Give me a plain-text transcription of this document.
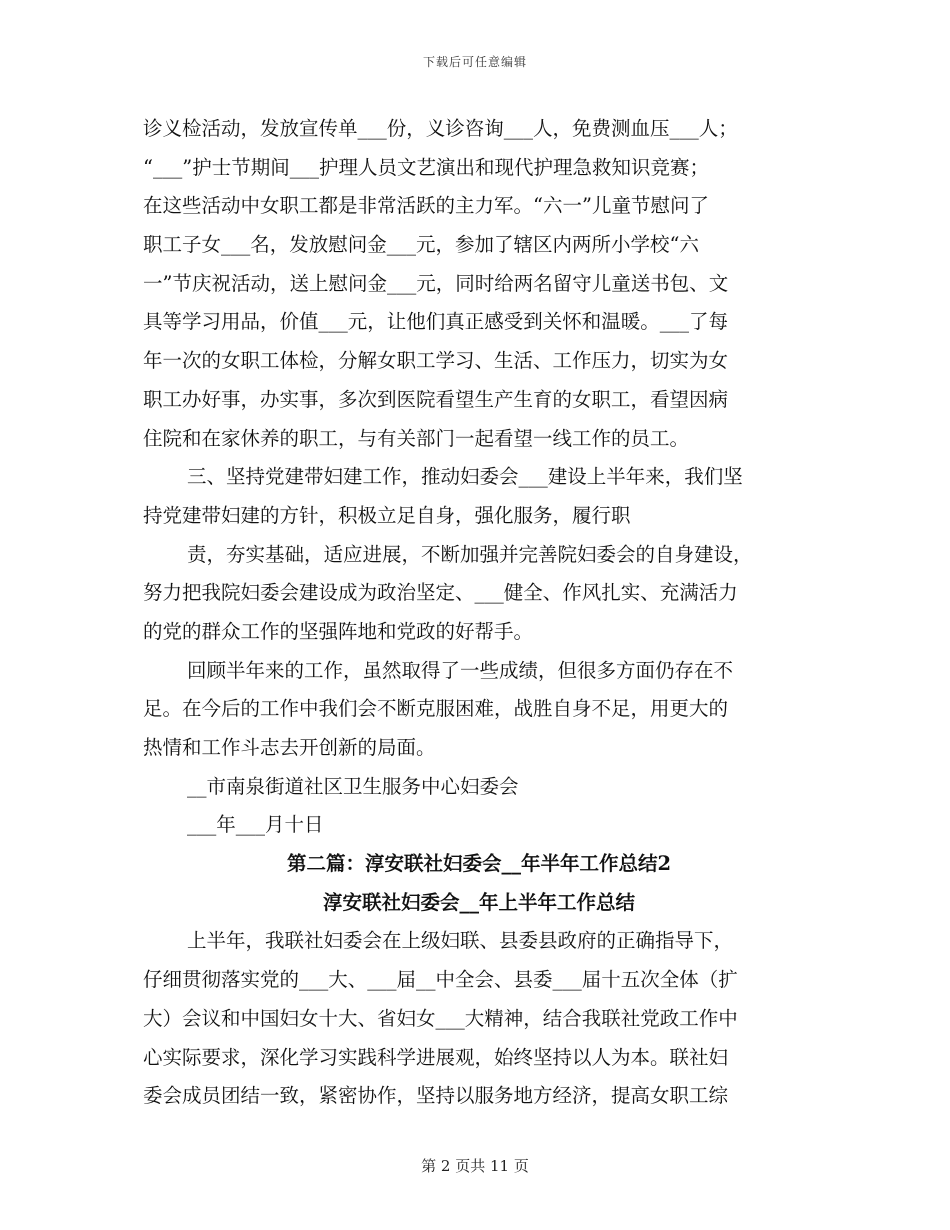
下载后可任意编辑
诊义检活动，发放宣传单___份，义诊咨询___人，免费测血压___人；
“___”护士节期间___护理人员文艺演出和现代护理急救知识竞赛；
在这些活动中女职工都是非常活跃的主力军。“六一”儿童节慰问了
职工子女___名，发放慰问金___元，参加了辖区内两所小学校“六
一”节庆祝活动，送上慰问金___元，同时给两名留守儿童送书包、文
具等学习用品，价值___元，让他们真正感受到关怀和温暖。___了每
年一次的女职工体检，分解女职工学习、生活、工作压力，切实为女
职工办好事，办实事，多次到医院看望生产生育的女职工，看望因病
住院和在家休养的职工，与有关部门一起看望一线工作的员工。
三、坚持党建带妇建工作，推动妇委会___建设上半年来，我们坚
持党建带妇建的方针，积极立足自身，强化服务，履行职
责，夯实基础，适应进展，不断加强并完善院妇委会的自身建设，
努力把我院妇委会建设成为政治坚定、___健全、作风扎实、充满活力
的党的群众工作的坚强阵地和党政的好帮手。
回顾半年来的工作，虽然取得了一些成绩，但很多方面仍存在不
足。在今后的工作中我们会不断克服困难，战胜自身不足，用更大的
热情和工作斗志去开创新的局面。
__市南泉街道社区卫生服务中心妇委会
___年___月十日
第二篇：淳安联社妇委会__年半年工作总结2
淳安联社妇委会__年上半年工作总结
上半年，我联社妇委会在上级妇联、县委县政府的正确指导下，
仔细贯彻落实党的___大、___届__中全会、县委___届十五次全体（扩
大）会议和中国妇女十大、省妇女___大精神，结合我联社党政工作中
心实际要求，深化学习实践科学进展观，始终坚持以人为本。联社妇
委会成员团结一致，紧密协作，坚持以服务地方经济，提高女职工综
第 2 页共 11 页
